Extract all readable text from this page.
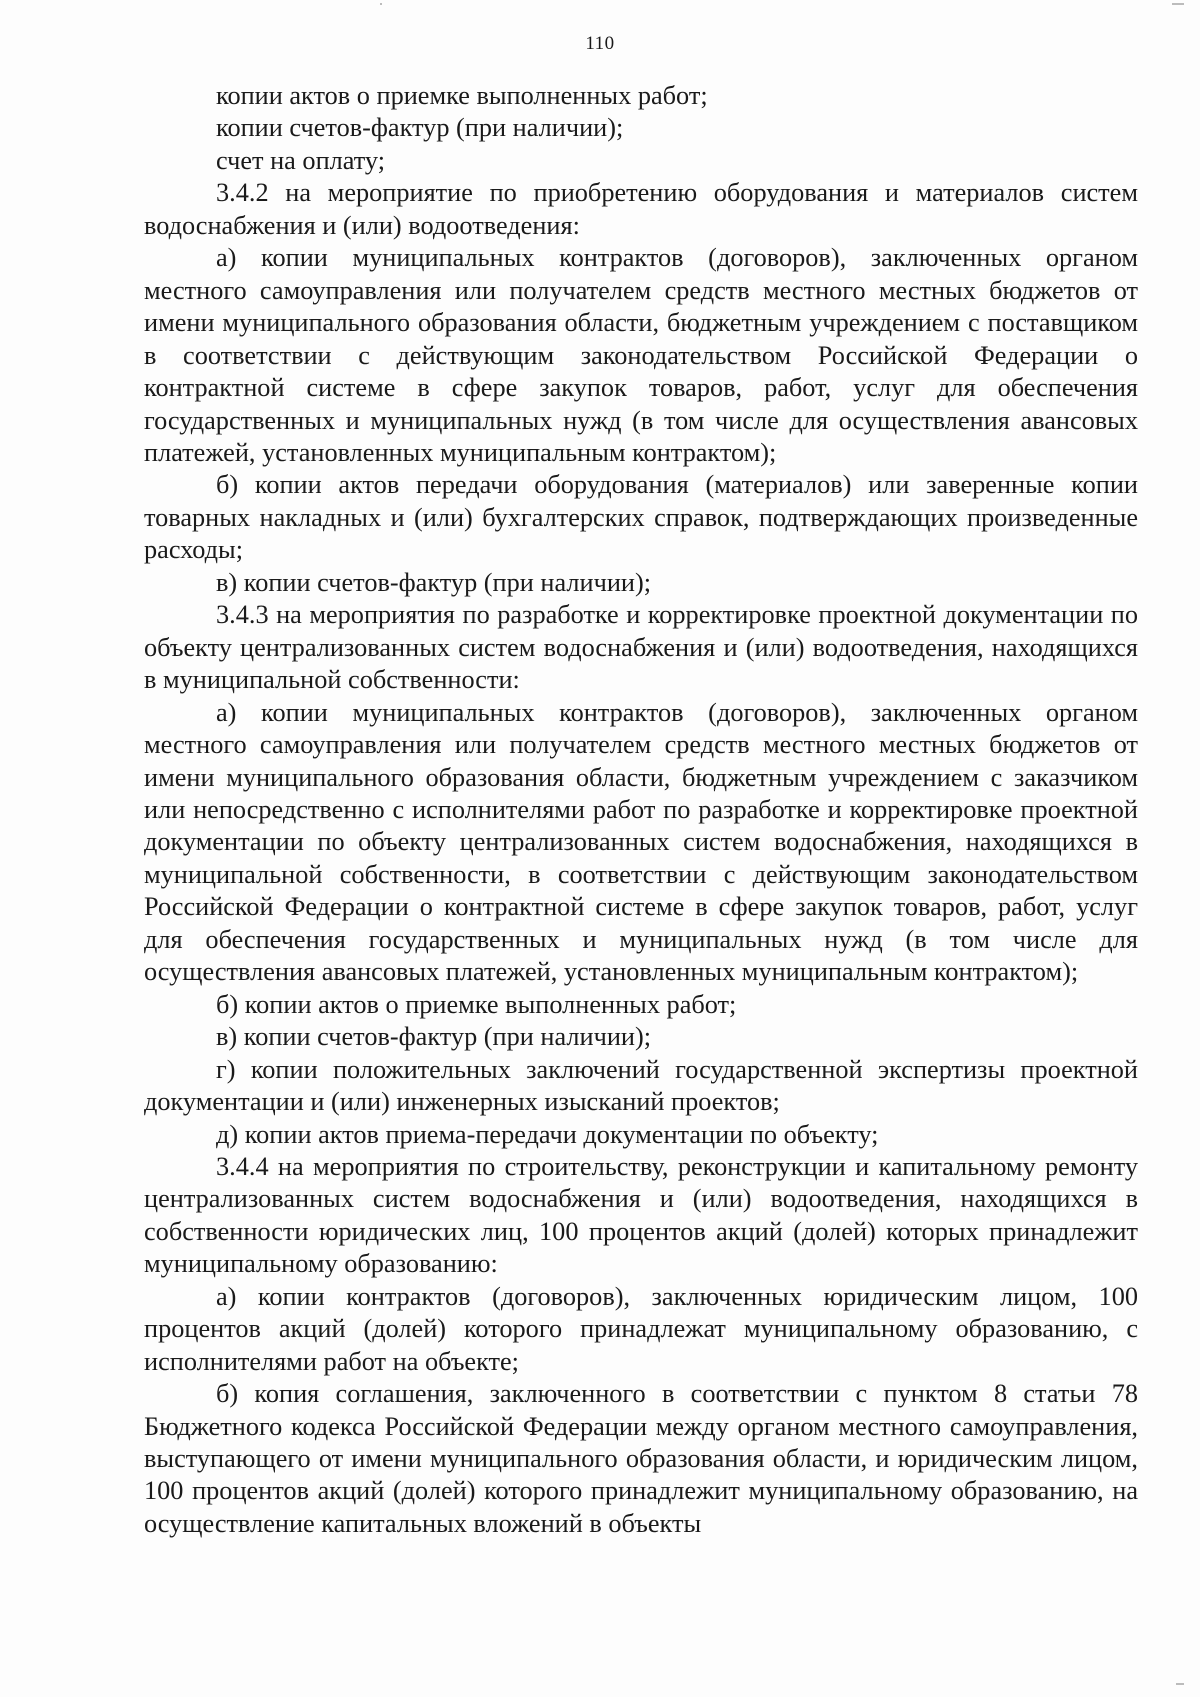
110

копии актов о приемке выполненных работ;

копии счетов-фактур (при наличии);

счет на оплату;

3.4.2 на мероприятие по приобретению оборудования и материалов систем водоснабжения и (или) водоотведения:

а) копии муниципальных контрактов (договоров), заключенных органом местного самоуправления или получателем средств местного местных бюджетов от имени муниципального образования области, бюджетным учреждением с поставщиком в соответствии с действующим законодательством Российской Федерации о контрактной системе в сфере закупок товаров, работ, услуг для обеспечения государственных и муниципальных нужд (в том числе для осуществления авансовых платежей, установленных муниципальным контрактом);

б) копии актов передачи оборудования (материалов) или заверенные копии товарных накладных и (или) бухгалтерских справок, подтверждающих произведенные расходы;

в) копии счетов-фактур (при наличии);

3.4.3 на мероприятия по разработке и корректировке проектной документации по объекту централизованных систем водоснабжения и (или) водоотведения, находящихся в муниципальной собственности:

а) копии муниципальных контрактов (договоров), заключенных органом местного самоуправления или получателем средств местного местных бюджетов от имени муниципального образования области, бюджетным учреждением с заказчиком или непосредственно с исполнителями работ по разработке и корректировке проектной документации по объекту централизованных систем водоснабжения, находящихся в муниципальной собственности, в соответствии с действующим законодательством Российской Федерации о контрактной системе в сфере закупок товаров, работ, услуг для обеспечения государственных и муниципальных нужд (в том числе для осуществления авансовых платежей, установленных муниципальным контрактом);

б) копии актов о приемке выполненных работ;

в) копии счетов-фактур (при наличии);

г) копии положительных заключений государственной экспертизы проектной документации и (или) инженерных изысканий проектов;

д) копии актов приема-передачи документации по объекту;

3.4.4 на мероприятия по строительству, реконструкции и капитальному ремонту централизованных систем водоснабжения и (или) водоотведения, находящихся в собственности юридических лиц, 100 процентов акций (долей) которых принадлежит муниципальному образованию:

а) копии контрактов (договоров), заключенных юридическим лицом, 100 процентов акций (долей) которого принадлежат муниципальному образованию, с исполнителями работ на объекте;

б) копия соглашения, заключенного в соответствии с пунктом 8 статьи 78 Бюджетного кодекса Российской Федерации между органом местного самоуправления, выступающего от имени муниципального образования области, и юридическим лицом, 100 процентов акций (долей) которого принадлежит муниципальному образованию, на осуществление капитальных вложений в объекты
